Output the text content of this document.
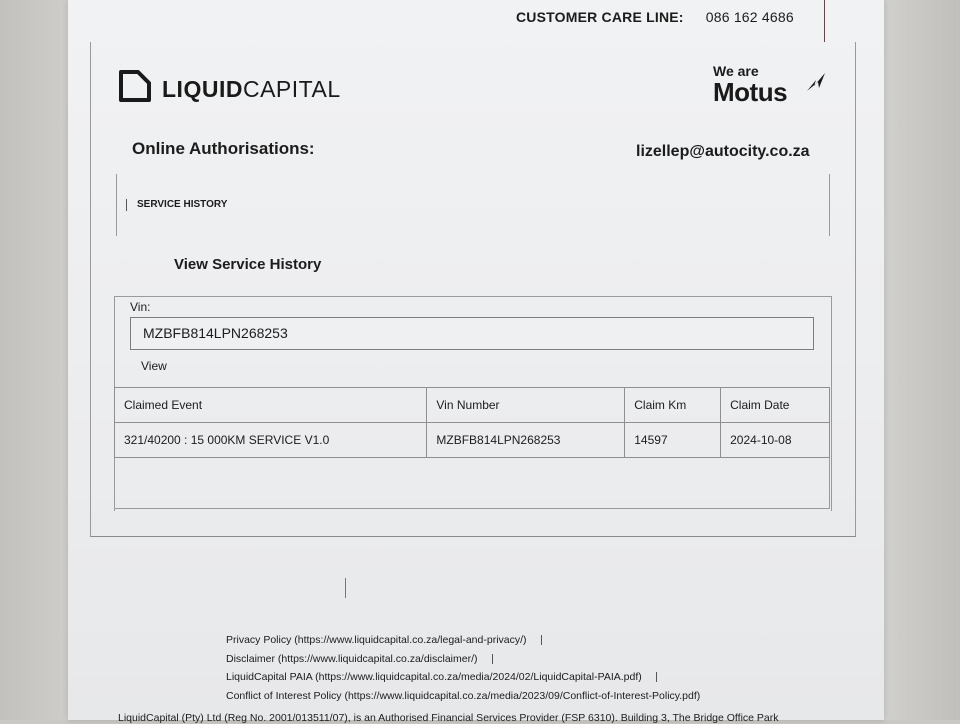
CUSTOMER CARE LINE: 086 162 4686
LIQUIDCAPITAL
We are
Motus
Online Authorisations:	lizellep@autocity.co.za
SERVICE HISTORY
View Service History
Vin:
MZBFB814LPN268253
View
Claimed Event	Vin Number	Claim Km	Claim Date
321/40200 : 15 000KM SERVICE V1.0	MZBFB814LPN268253	14597	2024-10-08
Privacy Policy (https://www.liquidcapital.co.za/legal-and-privacy/)
Disclaimer (https://www.liquidcapital.co.za/disclaimer/)
LiquidCapital PAIA (https://www.liquidcapital.co.za/media/2024/02/LiquidCapital-PAIA.pdf)
Conflict of Interest Policy (https://www.liquidcapital.co.za/media/2023/09/Conflict-of-Interest-Policy.pdf)
LiquidCapital (Pty) Ltd (Reg No. 2001/013511/07), is an Authorised Financial Services Provider (FSP 6310). Building 3, The Bridge Office Park
